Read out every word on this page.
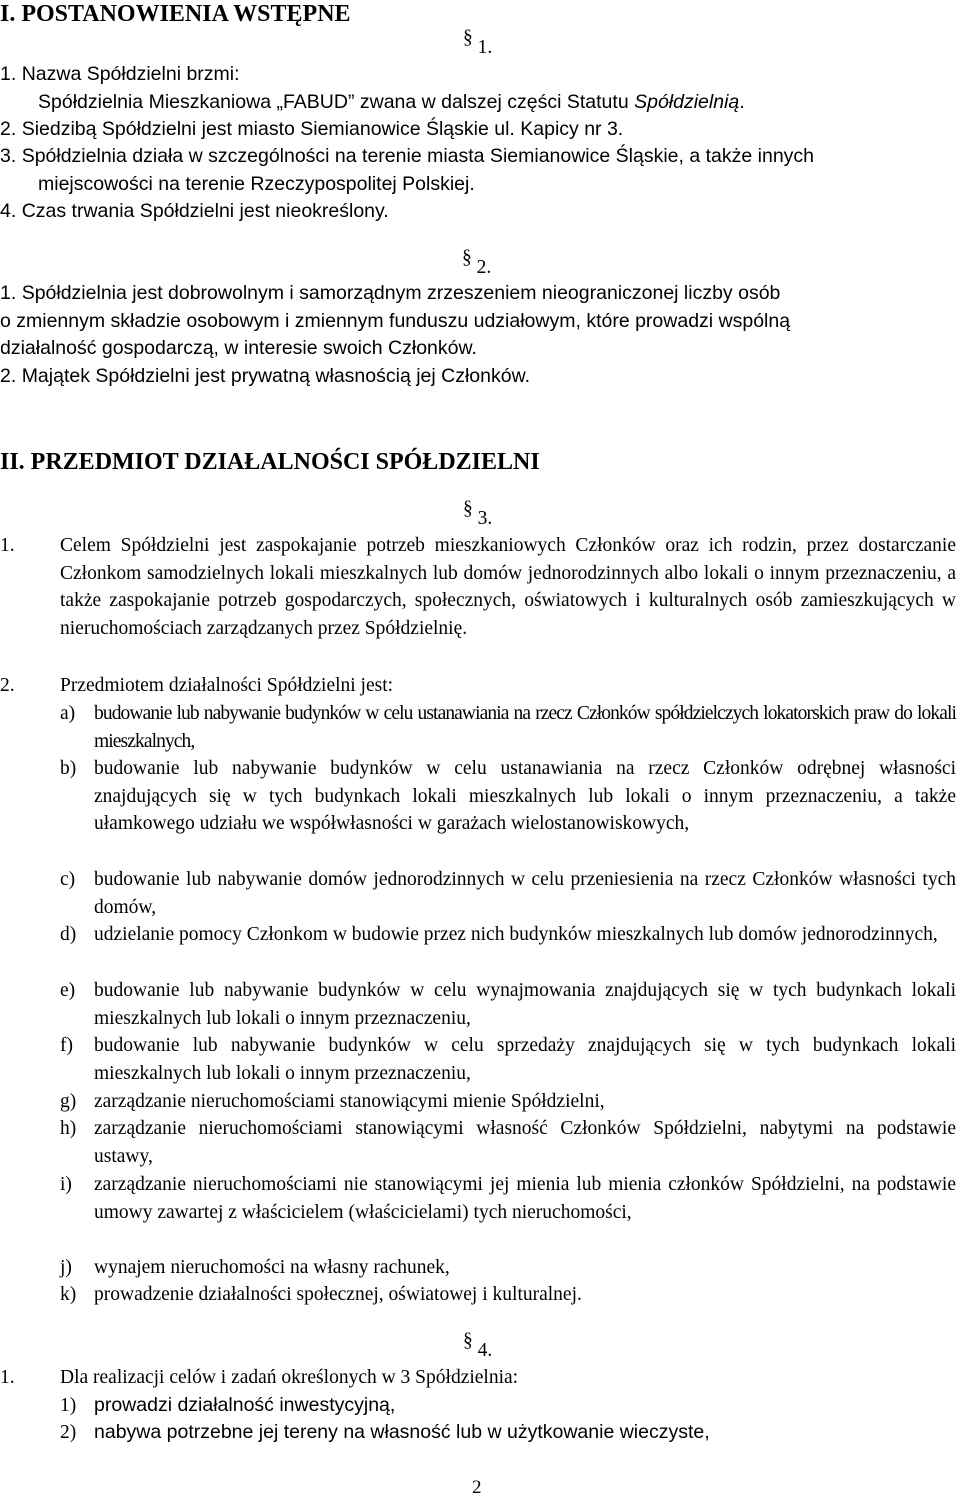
I. POSTANOWIENIA WSTĘPNE
§ 1.
1. Nazwa Spółdzielni brzmi:
Spółdzielnia Mieszkaniowa „FABUD” zwana w dalszej części Statutu Spółdzielnią.
2. Siedzibą Spółdzielni jest miasto Siemianowice Śląskie ul. Kapicy nr 3.
3. Spółdzielnia działa w szczególności na terenie miasta Siemianowice Śląskie, a także innych
miejscowości na terenie Rzeczypospolitej Polskiej.
4. Czas trwania Spółdzielni jest nieokreślony.
§ 2.
1. Spółdzielnia jest dobrowolnym i samorządnym zrzeszeniem nieograniczonej liczby osób
o zmiennym składzie osobowym i zmiennym funduszu udziałowym, które prowadzi wspólną
działalność gospodarczą, w interesie swoich Członków.
2. Majątek Spółdzielni jest prywatną własnością jej Członków.
II. PRZEDMIOT DZIAŁALNOŚCI SPÓŁDZIELNI
§ 3.
1.	Celem Spółdzielni jest zaspokajanie potrzeb mieszkaniowych Członków oraz ich rodzin, przez dostarczanie Członkom samodzielnych lokali mieszkalnych lub domów jednorodzinnych albo lokali o innym przeznaczeniu, a także zaspokajanie potrzeb gospodarczych, społecznych, oświatowych i kulturalnych osób zamieszkujących w nieruchomościach zarządzanych przez Spółdzielnię.

2.	Przedmiotem działalności Spółdzielni jest:

a) budowanie lub nabywanie budynków w celu ustanawiania na rzecz Członków spółdzielczych lokatorskich praw do lokali mieszkalnych,

b) budowanie lub nabywanie budynków w celu ustanawiania na rzecz Członków odrębnej własności znajdujących się w tych budynkach lokali mieszkalnych lub lokali o innym przeznaczeniu, a także ułamkowego udziału we współwłasności w garażach wielostanowiskowych,

c) budowanie lub nabywanie domów jednorodzinnych w celu przeniesienia na rzecz Członków własności tych domów,

d) udzielanie pomocy Członkom w budowie przez nich budynków mieszkalnych lub domów jednorodzinnych,

e) budowanie lub nabywanie budynków w celu wynajmowania znajdujących się w tych budynkach lokali mieszkalnych lub lokali o innym przeznaczeniu,

f)	budowanie lub nabywanie budynków w celu sprzedaży znajdujących się w tych budynkach lokali mieszkalnych lub lokali o innym przeznaczeniu,

g) zarządzanie nieruchomościami stanowiącymi mienie Spółdzielni,

h) zarządzanie nieruchomościami stanowiącymi własność Członków Spółdzielni, nabytymi na podstawie ustawy,

i)	zarządzanie nieruchomościami nie stanowiącymi jej mienia lub mienia członków Spółdzielni, na podstawie umowy zawartej z właścicielem (właścicielami) tych nieruchomości,

j)	wynajem nieruchomości na własny rachunek,

k) prowadzenie działalności społecznej, oświatowej i kulturalnej.

§ 4.
1.	Dla realizacji celów i zadań określonych w 3 Spółdzielnia:

1) prowadzi działalność inwestycyjną,

2) nabywa potrzebne jej tereny na własność lub w użytkowanie wieczyste,

2
